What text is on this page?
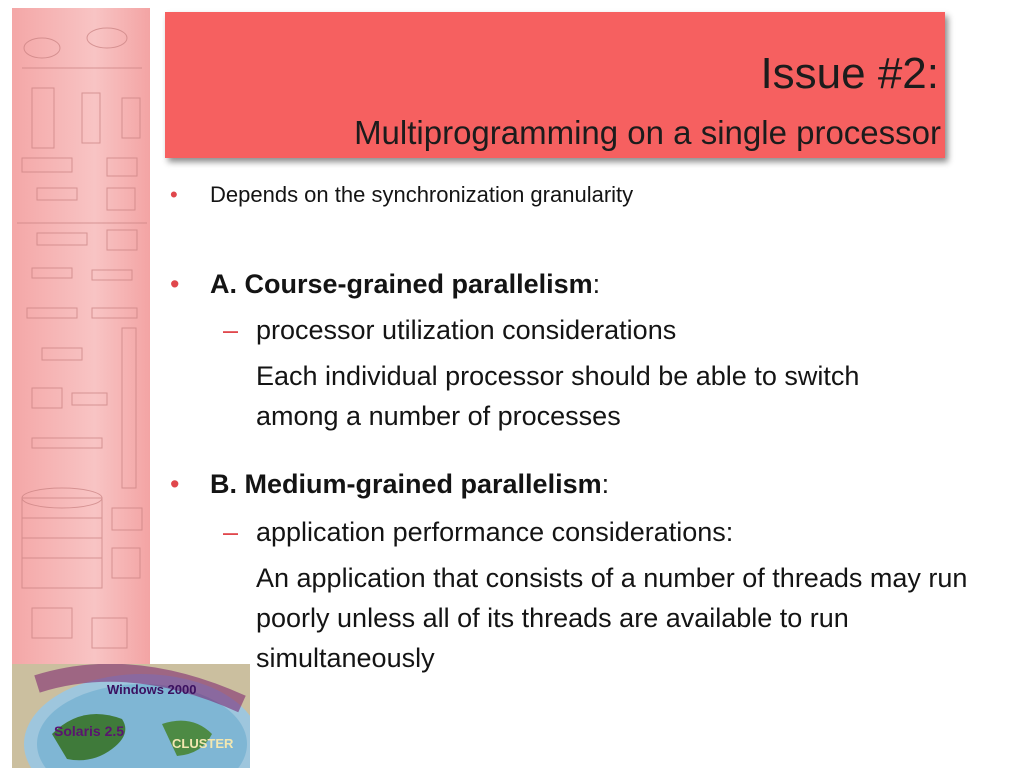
Issue #2:
Multiprogramming on a single processor
• Depends on the synchronization granularity
• A. Course-grained parallelism:
– processor utilization considerations
Each individual processor should be able to switch among a number of processes
• B. Medium-grained parallelism:
– application performance considerations:
An application that consists of a number of threads may run poorly unless all of its threads are available to run simultaneously
Windows 2000
Solaris 2.5
CLUSTER
